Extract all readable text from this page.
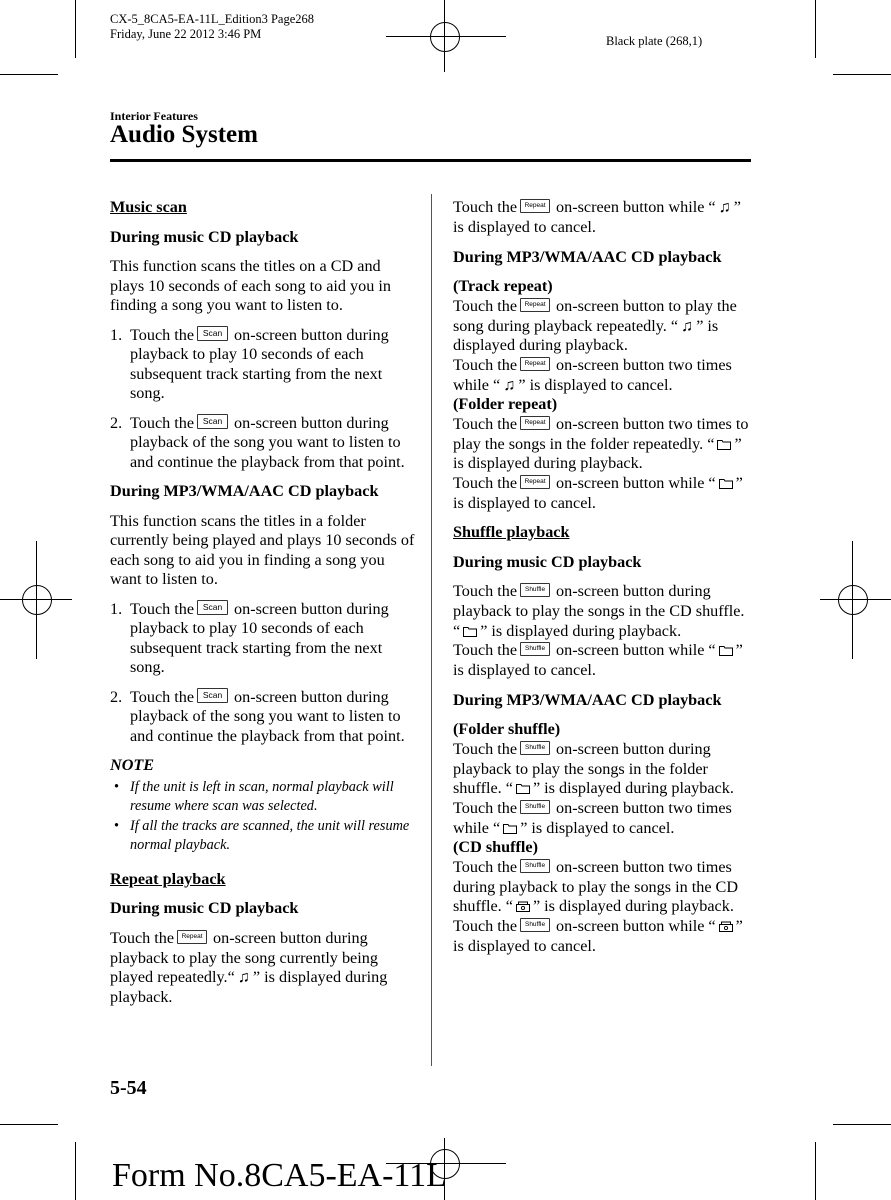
CX-5_8CA5-EA-11L_Edition3 Page268
Friday, June 22 2012 3:46 PM	Black plate (268,1)
Interior Features
Audio System
Music scan
During music CD playback
This function scans the titles on a CD and plays 10 seconds of each song to aid you in finding a song you want to listen to.
1. Touch the Scan on-screen button during playback to play 10 seconds of each subsequent track starting from the next song.
2. Touch the Scan on-screen button during playback of the song you want to listen to and continue the playback from that point.
During MP3/WMA/AAC CD playback
This function scans the titles in a folder currently being played and plays 10 seconds of each song to aid you in finding a song you want to listen to.
1. Touch the Scan on-screen button during playback to play 10 seconds of each subsequent track starting from the next song.
2. Touch the Scan on-screen button during playback of the song you want to listen to and continue the playback from that point.
NOTE
• If the unit is left in scan, normal playback will resume where scan was selected.
• If all the tracks are scanned, the unit will resume normal playback.
Repeat playback
During music CD playback
Touch the Repeat on-screen button during playback to play the song currently being played repeatedly.“ ♫ ” is displayed during playback.
Touch the Repeat on-screen button while “ ♫ ” is displayed to cancel.
During MP3/WMA/AAC CD playback
(Track repeat)
Touch the Repeat on-screen button to play the song during playback repeatedly. “ ♫ ” is displayed during playback.
Touch the Repeat on-screen button two times while “ ♫ ” is displayed to cancel.
(Folder repeat)
Touch the Repeat on-screen button two times to play the songs in the folder repeatedly. “ ” is displayed during playback.
Touch the Repeat on-screen button while “ ” is displayed to cancel.
Shuffle playback
During music CD playback
Touch the Shuffle on-screen button during playback to play the songs in the CD shuffle. “ ” is displayed during playback.
Touch the Shuffle on-screen button while “ ” is displayed to cancel.
During MP3/WMA/AAC CD playback
(Folder shuffle)
Touch the Shuffle on-screen button during playback to play the songs in the folder shuffle. “ ” is displayed during playback.
Touch the Shuffle on-screen button two times while “ ” is displayed to cancel.
(CD shuffle)
Touch the Shuffle on-screen button two times during playback to play the songs in the CD shuffle. “ ” is displayed during playback.
Touch the Shuffle on-screen button while “ ” is displayed to cancel.
5-54
Form No.8CA5-EA-11L
